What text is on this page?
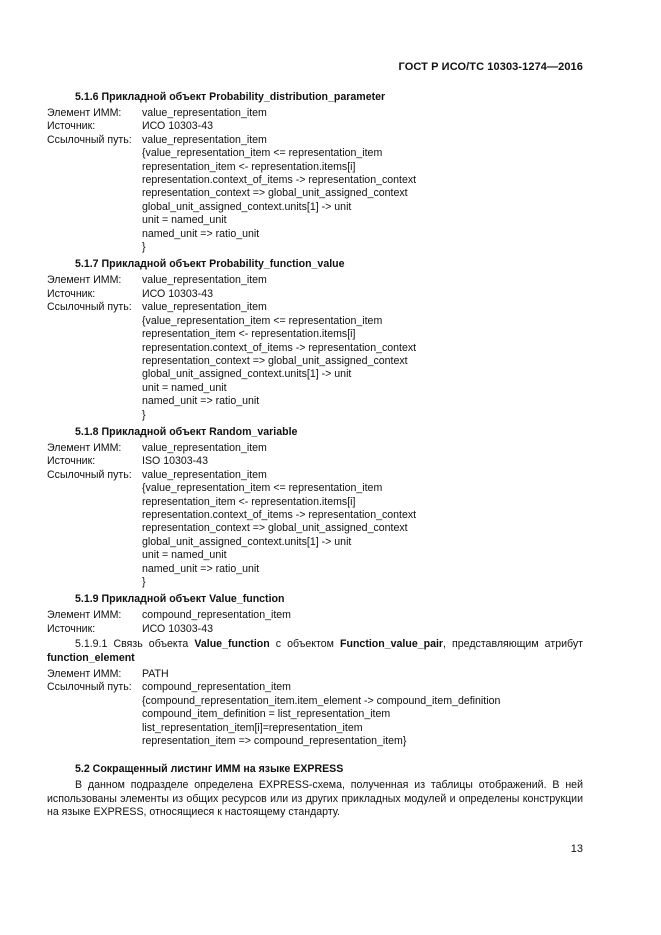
ГОСТ Р ИСО/ТС 10303-1274—2016
5.1.6 Прикладной объект Probability_distribution_parameter
Элемент ИММ:	value_representation_item
Источник:	ИСО 10303-43
Ссылочный путь: value_representation_item
{value_representation_item <= representation_item
representation_item <- representation.items[i]
representation.context_of_items -> representation_context
representation_context => global_unit_assigned_context
global_unit_assigned_context.units[1] -> unit
unit = named_unit
named_unit => ratio_unit
}
5.1.7 Прикладной объект Probability_function_value
Элемент ИММ:	value_representation_item
Источник:	ИСО 10303-43
Ссылочный путь: value_representation_item
{value_representation_item <= representation_item
representation_item <- representation.items[i]
representation.context_of_items -> representation_context
representation_context => global_unit_assigned_context
global_unit_assigned_context.units[1] -> unit
unit = named_unit
named_unit => ratio_unit
}
5.1.8 Прикладной объект Random_variable
Элемент ИММ:	value_representation_item
Источник:	ISO 10303-43
Ссылочный путь: value_representation_item
{value_representation_item <= representation_item
representation_item <- representation.items[i]
representation.context_of_items -> representation_context
representation_context => global_unit_assigned_context
global_unit_assigned_context.units[1] -> unit
unit = named_unit
named_unit => ratio_unit
}
5.1.9 Прикладной объект Value_function
Элемент ИММ:	compound_representation_item
Источник:	ИСО 10303-43
5.1.9.1 Связь объекта Value_function с объектом Function_value_pair, представляющим атрибут function_element
Элемент ИММ:	PATH
Ссылочный путь: compound_representation_item
{compound_representation_item.item_element -> compound_item_definition
compound_item_definition = list_representation_item
list_representation_item[i]=representation_item
representation_item => compound_representation_item}
5.2 Сокращенный листинг ИММ на языке EXPRESS
В данном подразделе определена EXPRESS-схема, полученная из таблицы отображений. В ней использованы элементы из общих ресурсов или из других прикладных модулей и определены конструкции на языке EXPRESS, относящиеся к настоящему стандарту.
13
